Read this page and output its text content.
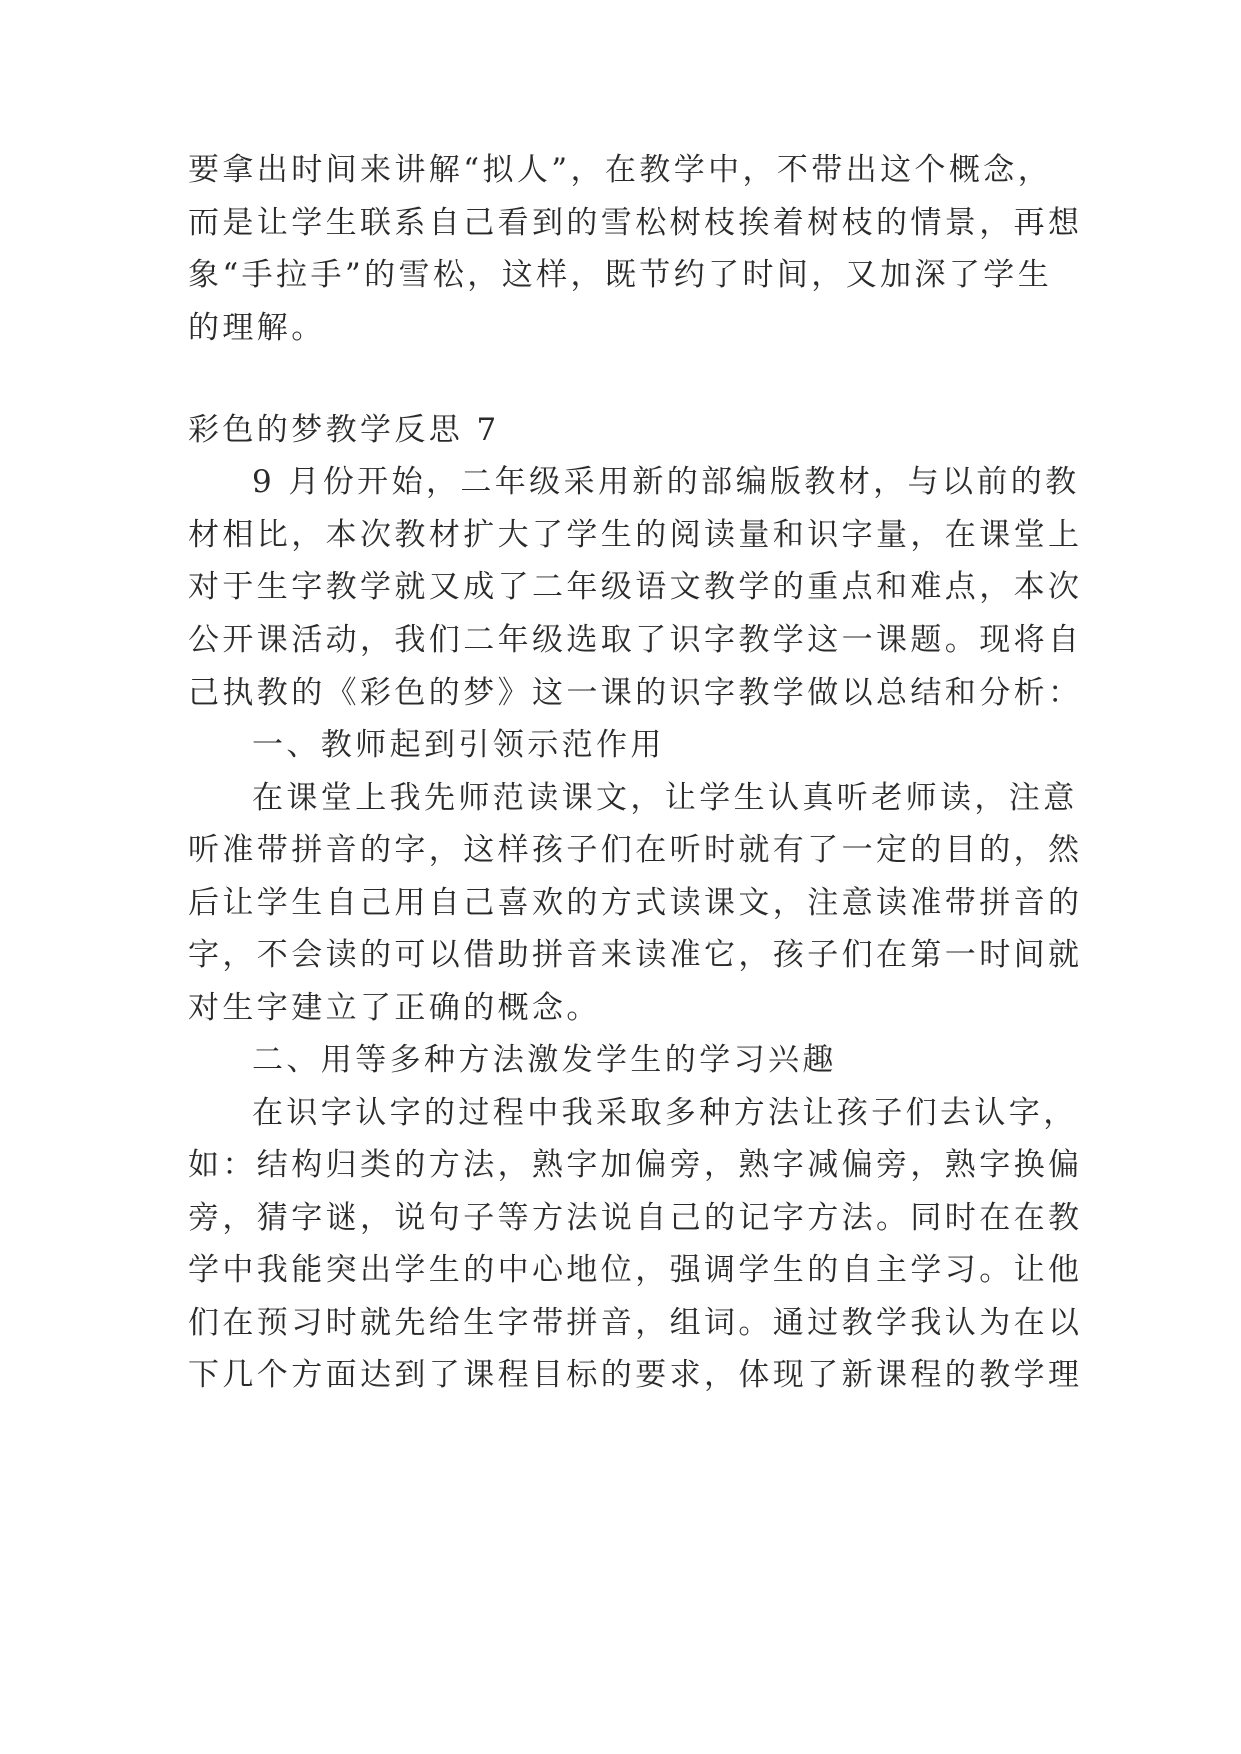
要拿出时间来讲解“拟人”，在教学中，不带出这个概念，
而是让学生联系自己看到的雪松树枝挨着树枝的情景，再想
象“手拉手”的雪松，这样，既节约了时间，又加深了学生
的理解。
彩色的梦教学反思 7
9 月份开始，二年级采用新的部编版教材，与以前的教
材相比，本次教材扩大了学生的阅读量和识字量，在课堂上
对于生字教学就又成了二年级语文教学的重点和难点，本次
公开课活动，我们二年级选取了识字教学这一课题。现将自
己执教的《彩色的梦》这一课的识字教学做以总结和分析：
一、教师起到引领示范作用
在课堂上我先师范读课文，让学生认真听老师读，注意
听准带拼音的字，这样孩子们在听时就有了一定的目的，然
后让学生自己用自己喜欢的方式读课文，注意读准带拼音的
字，不会读的可以借助拼音来读准它，孩子们在第一时间就
对生字建立了正确的概念。
二、用等多种方法激发学生的学习兴趣
在识字认字的过程中我采取多种方法让孩子们去认字，
如：结构归类的方法，熟字加偏旁，熟字减偏旁，熟字换偏
旁，猜字谜，说句子等方法说自己的记字方法。同时在在教
学中我能突出学生的中心地位，强调学生的自主学习。让他
们在预习时就先给生字带拼音，组词。通过教学我认为在以
下几个方面达到了课程目标的要求，体现了新课程的教学理
